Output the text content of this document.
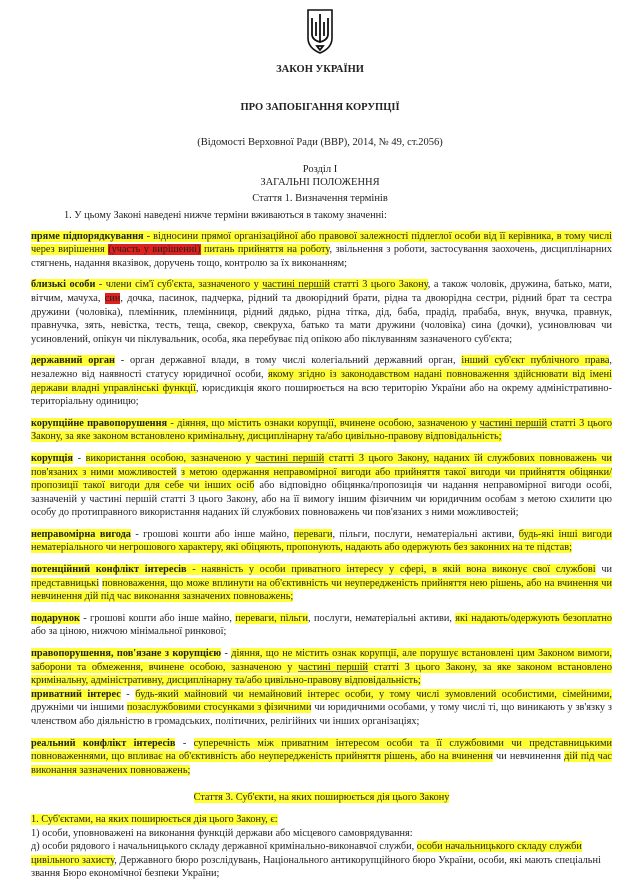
ЗАКОН УКРАЇНИ
ПРО ЗАПОБІГАННЯ КОРУПЦІЇ
(Відомості Верховної Ради (ВВР), 2014, № 49, ст.2056)
Розділ I
ЗАГАЛЬНІ ПОЛОЖЕННЯ
Стаття 1. Визначення термінів
1. У цьому Законі наведені нижче терміни вживаються в такому значенні:
пряме підпорядкування - відносини прямої організаційної або правової залежності підлеглої особи від її керівника, в тому числі через вирішення (участь у вирішенні) питань прийняття на роботу, звільнення з роботи, застосування заохочень, дисциплінарних стягнень, надання вказівок, доручень тощо, контролю за їх виконанням;
близькі особи - члени сім'ї суб'єкта, зазначеного у частині першій статті 3 цього Закону, а також чоловік, дружина, батько, мати, вітчим, мачуха, син, дочка, пасинок, падчерка, рідний та двоюрідний брати, рідна та двоюрідна сестри, рідний брат та сестра дружини (чоловіка), племінник, племінниця, рідний дядько, рідна тітка, дід, баба, прадід, прабаба, внук, внучка, правнук, правнучка, зять, невістка, тесть, теща, свекор, свекруха, батько та мати дружини (чоловіка) сина (дочки), усиновлювач чи усиновлений, опікун чи піклувальник, особа, яка перебуває під опікою або піклуванням зазначеного суб'єкта;
державний орган - орган державної влади, в тому числі колегіальний державний орган, інший суб'єкт публічного права, незалежно від наявності статусу юридичної особи, якому згідно із законодавством надані повноваження здійснювати від імені держави владні управлінські функції, юрисдикція якого поширюється на всю територію України або на окрему адміністративно-територіальну одиницю;
корупційне правопорушення - діяння, що містить ознаки корупції, вчинене особою, зазначеною у частині першій статті 3 цього Закону, за яке законом встановлено кримінальну, дисциплінарну та/або цивільно-правову відповідальність;
корупція - використання особою, зазначеною у частині першій статті 3 цього Закону, наданих їй службових повноважень чи пов'язаних з ними можливостей з метою одержання неправомірної вигоди або прийняття такої вигоди чи прийняття обіцянки/пропозиції такої вигоди для себе чи інших осіб або відповідно обіцянка/пропозиція чи надання неправомірної вигоди особі, зазначеній у частині першій статті 3 цього Закону, або на її вимогу іншим фізичним чи юридичним особам з метою схилити цю особу до протиправного використання наданих їй службових повноважень чи пов'язаних з ними можливостей;
неправомірна вигода - грошові кошти або інше майно, переваги, пільги, послуги, нематеріальні активи, будь-які інші вигоди нематеріального чи негрошового характеру, які обіцяють, пропонують, надають або одержують без законних на те підстав;
потенційний конфлікт інтересів - наявність у особи приватного інтересу у сфері, в якій вона виконує свої службові чи представницькі повноваження, що може вплинути на об'єктивність чи неупередженість прийняття нею рішень, або на вчинення чи невчинення дій під час виконання зазначених повноважень;
подарунок - грошові кошти або інше майно, переваги, пільги, послуги, нематеріальні активи, які надають/одержують безоплатно або за ціною, нижчою мінімальної ринкової;
правопорушення, пов'язане з корупцією - діяння, що не містить ознак корупції, але порушує встановлені цим Законом вимоги, заборони та обмеження, вчинене особою, зазначеною у частині першій статті 3 цього Закону, за яке законом встановлено кримінальну, адміністративну, дисциплінарну та/або цивільно-правову відповідальність;
приватний інтерес - будь-який майновий чи немайновий інтерес особи, у тому числі зумовлений особистими, сімейними, дружніми чи іншими позаслужбовими стосунками з фізичними чи юридичними особами, у тому числі ті, що виникають у зв'язку з членством або діяльністю в громадських, політичних, релігійних чи інших організаціях;
реальний конфлікт інтересів - суперечність між приватним інтересом особи та її службовими чи представницькими повноваженнями, що впливає на об'єктивність або неупередженість прийняття рішень, або на вчинення чи невчинення дій під час виконання зазначених повноважень;
Стаття 3. Суб'єкти, на яких поширюється дія цього Закону
1. Суб'єктами, на яких поширюється дія цього Закону, є:
1) особи, уповноважені на виконання функцій держави або місцевого самоврядування:
д) особи рядового і начальницького складу державної кримінально-виконавчої служби, особи начальницького складу служби цивільного захисту, Державного бюро розслідувань, Національного антикорупційного бюро України, особи, які мають спеціальні звання Бюро економічної безпеки України;
